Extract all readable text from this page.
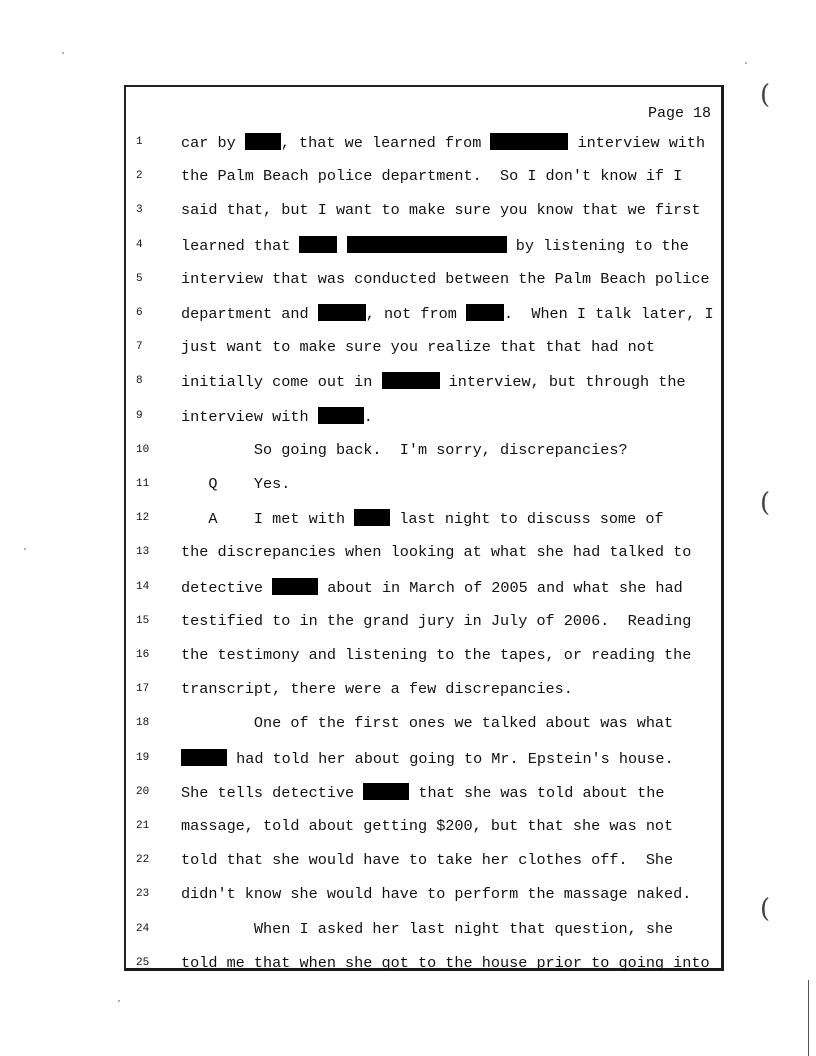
Page 18
1	car by , that we learned from	interview with
2	the Palm Beach police department.  So I don't know if I
3	said that, but I want to make sure you know that we first
4	learned that	by listening to the
5	interview that was conducted between the Palm Beach police
6	department and	, not from	.  When I talk later, I
7	just want to make sure you realize that that had not
8	initially come out in	interview, but through the
9	interview with	.
10	So going back.  I'm sorry, discrepancies?
11	Q    Yes.
12	A    I met with  last night to discuss some of
13	the discrepancies when looking at what she had talked to
14	detective	about in March of 2005 and what she had
15	testified to in the grand jury in July of 2006.  Reading
16	the testimony and listening to the tapes, or reading the
17	transcript, there were a few discrepancies.
18	One of the first ones we talked about was what
19	had told her about going to Mr. Epstein's house.
20	She tells detective	that she was told about the
21	massage, told about getting $200, but that she was not
22	told that she would have to take her clothes off.  She
23	didn't know she would have to perform the massage naked.
24	When I asked her last night that question, she
25	told me that when she got to the house prior to going into
(
(
(
